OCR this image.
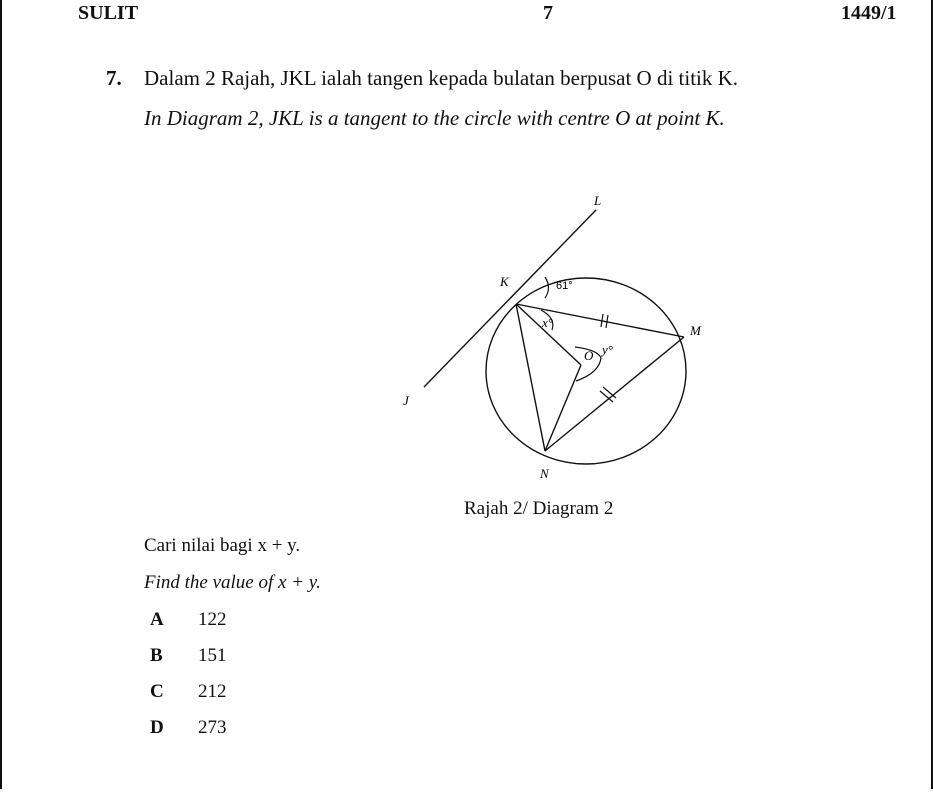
SULIT	7	1449/1
7. Dalam 2 Rajah, JKL ialah tangen kepada bulatan berpusat O di titik K.
In Diagram 2, JKL is a tangent to the circle with centre O at point K.
L
K
M
J
N
O
61°
x°
y°
Rajah 2/ Diagram 2
Cari nilai bagi x + y.
Find the value of x + y.
A 122
B 151
C 212
D 273
